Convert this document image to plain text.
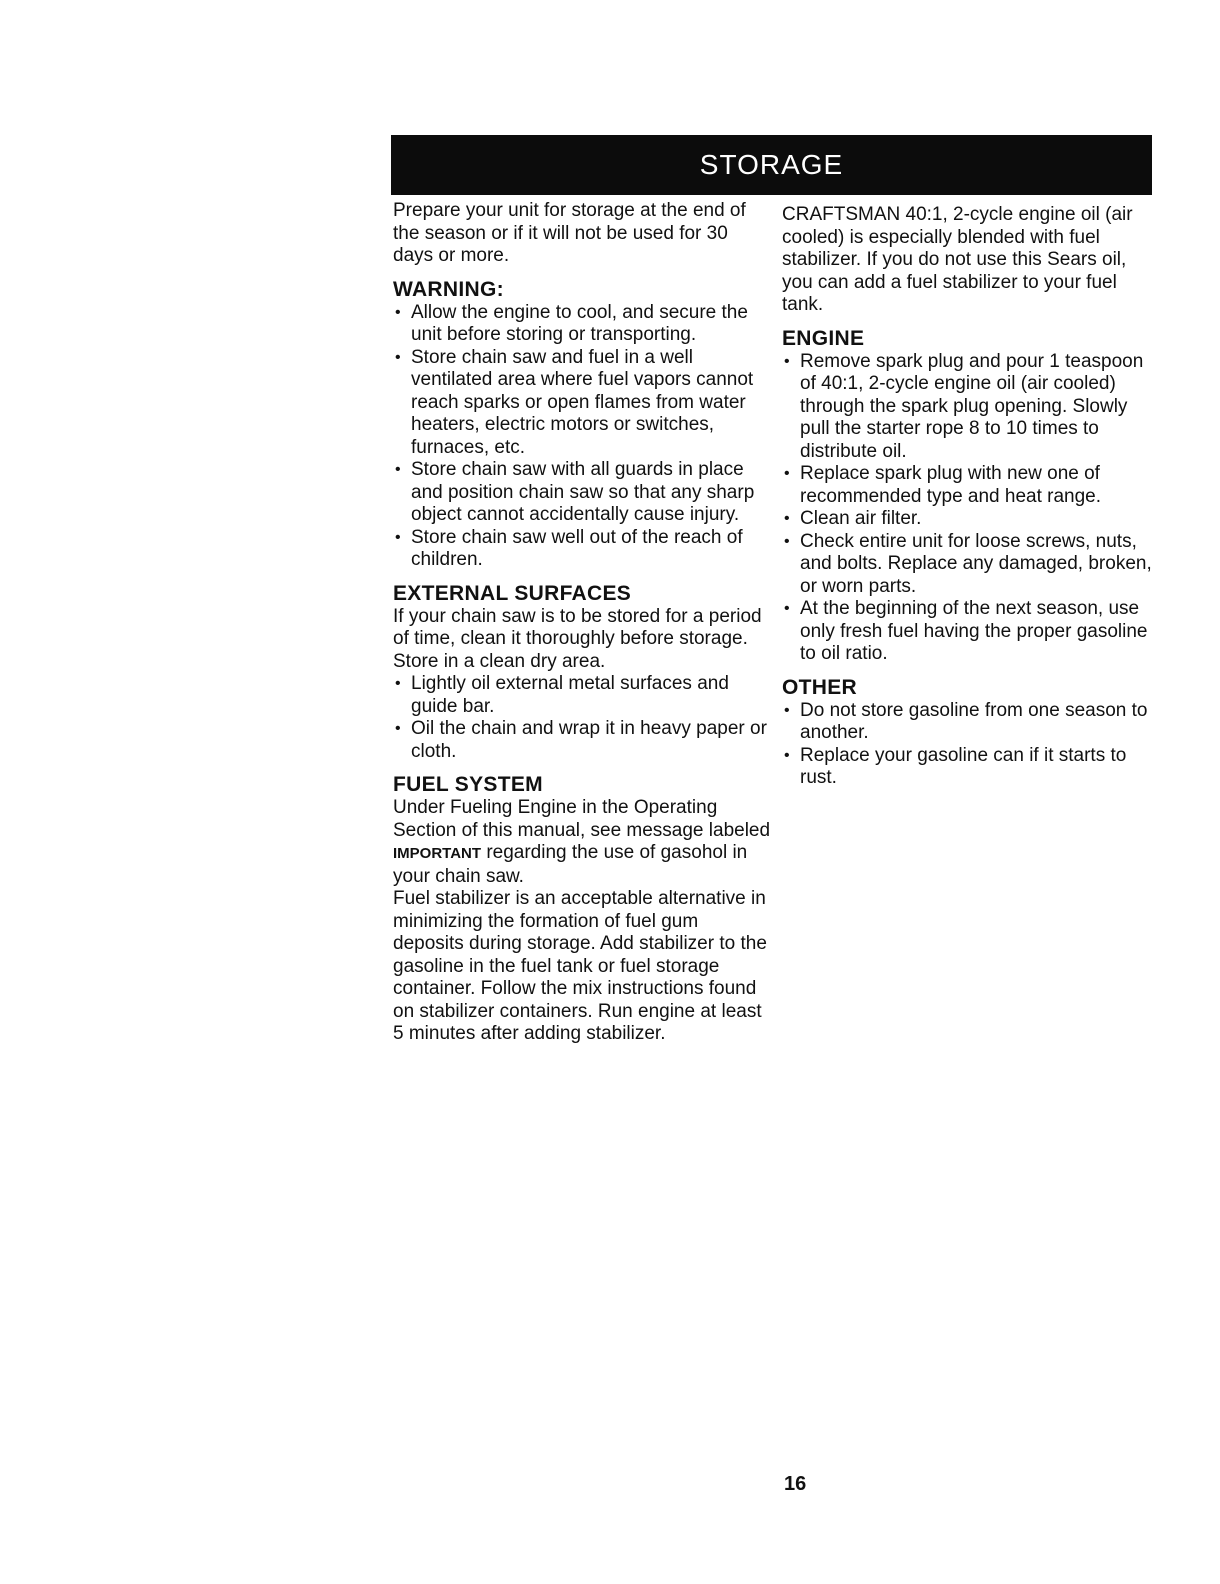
STORAGE

Prepare your unit for storage at the end of the season or if it will not be used for 30 days or more.

WARNING:
• Allow the engine to cool, and secure the unit before storing or transporting.
• Store chain saw and fuel in a well ventilated area where fuel vapors cannot reach sparks or open flames from water heaters, electric motors or switches, furnaces, etc.
• Store chain saw with all guards in place and position chain saw so that any sharp object cannot accidentally cause injury.
• Store chain saw well out of the reach of children.
EXTERNAL SURFACES

If your chain saw is to be stored for a period of time, clean it thoroughly before storage. Store in a clean dry area.

• Lightly oil external metal surfaces and guide bar.
• Oil the chain and wrap it in heavy paper or cloth.
FUEL SYSTEM

Under Fueling Engine in the Operating Section of this manual, see message labeled IMPORTANT regarding the use of gasohol in your chain saw.

Fuel stabilizer is an acceptable alternative in minimizing the formation of fuel gum deposits during storage. Add stabilizer to the gasoline in the fuel tank or fuel storage container. Follow the mix instructions found on stabilizer containers. Run engine at least 5 minutes after adding stabilizer.

CRAFTSMAN 40:1, 2-cycle engine oil (air cooled) is especially blended with fuel stabilizer. If you do not use this Sears oil, you can add a fuel stabilizer to your fuel tank.

ENGINE
• Remove spark plug and pour 1 teaspoon of 40:1, 2-cycle engine oil (air cooled) through the spark plug opening. Slowly pull the starter rope 8 to 10 times to distribute oil.
• Replace spark plug with new one of recommended type and heat range.
• Clean air filter.
• Check entire unit for loose screws, nuts, and bolts. Replace any damaged, broken, or worn parts.
• At the beginning of the next season, use only fresh fuel having the proper gasoline to oil ratio.
OTHER
• Do not store gasoline from one season to another.
• Replace your gasoline can if it starts to rust.
16
